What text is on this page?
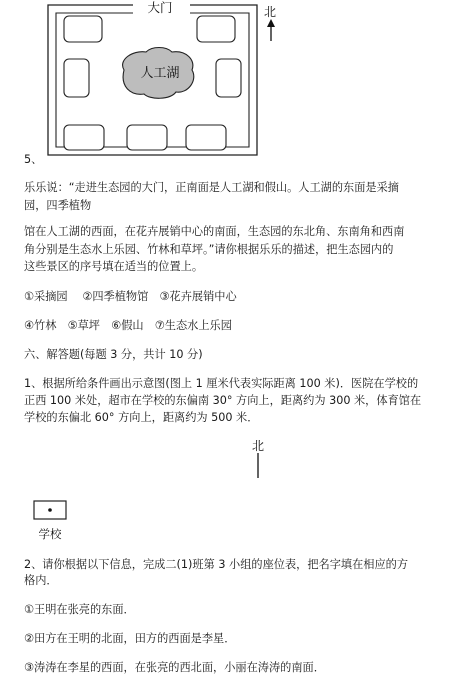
人工湖
大门	北
5、
乐乐说：“走进生态园的大门，正南面是人工湖和假山。人工湖的东面是采摘
园，四季植物
馆在人工湖的西面，在花卉展销中心的南面，生态园的东北角、东南角和西南
角分别是生态水上乐园、竹林和草坪。”请你根据乐乐的描述，把生态园内的
这些景区的序号填在适当的位置上。
①采摘园　 ②四季植物馆　③花卉展销中心
④竹林　⑤草坪　⑥假山　⑦生态水上乐园
六、解答题(每题 3 分，共计 10 分)
1、根据所给条件画出示意图(图上 1 厘米代表实际距离 100 米)．医院在学校的
正西 100 米处，超市在学校的东偏南 30° 方向上，距离约为 300 米，体育馆在
学校的东偏北 60° 方向上，距离约为 500 米．
北
学校
2、请你根据以下信息，完成二(1)班第 3 小组的座位表，把名字填在相应的方
格内．
①王明在张亮的东面．
②田方在王明的北面，田方的西面是李星．
③涛涛在李星的西面，在张亮的西北面，小丽在涛涛的南面．
